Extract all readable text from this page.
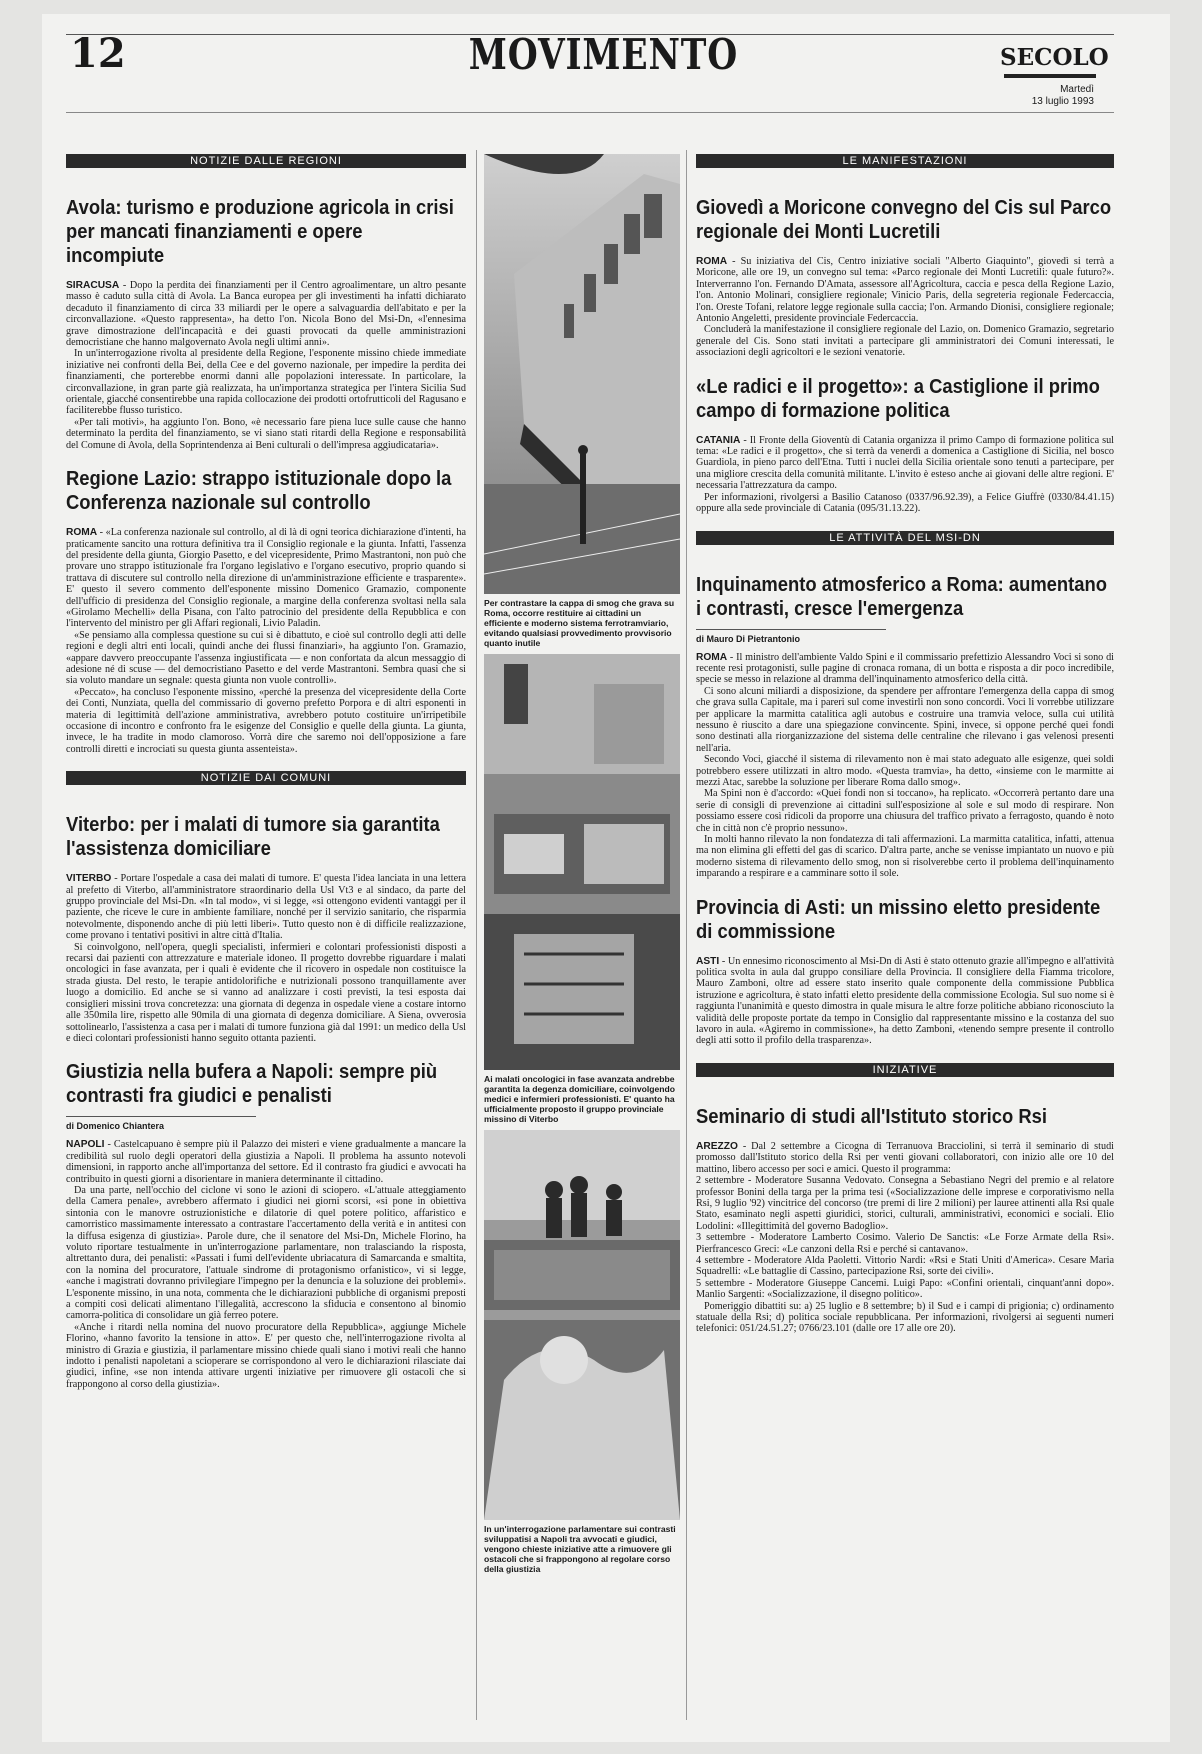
12	MOVIMENTO	SECOLO
Martedì
13 luglio 1993
NOTIZIE DALLE REGIONI
Avola: turismo e produzione agricola in crisi per mancati finanziamenti e opere incompiute

SIRACUSA - Dopo la perdita dei finanziamenti per il Centro agroalimentare, un altro pesante masso è caduto sulla città di Avola. La Banca europea per gli investimenti ha infatti dichiarato decaduto il finanziamento di circa 33 miliardi per le opere a salvaguardia dell'abitato e per la circonvallazione. «Questo rappresenta», ha detto l'on. Nicola Bono del Msi-Dn, «l'ennesima grave dimostrazione dell'incapacità e dei guasti provocati da quelle amministrazioni democristiane che hanno malgovernato Avola negli ultimi anni».

In un'interrogazione rivolta al presidente della Regione, l'esponente missino chiede immediate iniziative nei confronti della Bei, della Cee e del governo nazionale, per impedire la perdita dei finanziamenti, che porterebbe enormi danni alle popolazioni interessate. In particolare, la circonvallazione, in gran parte già realizzata, ha un'importanza strategica per l'intera Sicilia Sud orientale, giacché consentirebbe una rapida collocazione dei prodotti ortofrutticoli del Ragusano e faciliterebbe flusso turistico.

«Per tali motivi», ha aggiunto l'on. Bono, «è necessario fare piena luce sulle cause che hanno determinato la perdita del finanziamento, se vi siano stati ritardi della Regione e responsabilità del Comune di Avola, della Soprintendenza ai Beni culturali o dell'impresa aggiudicataria».

Regione Lazio: strappo istituzionale dopo la Conferenza nazionale sul controllo

ROMA - «La conferenza nazionale sul controllo, al di là di ogni teorica dichiarazione d'intenti, ha praticamente sancito una rottura definitiva tra il Consiglio regionale e la giunta. Infatti, l'assenza del presidente della giunta, Giorgio Pasetto, e del vicepresidente, Primo Mastrantoni, non può che provare uno strappo istituzionale fra l'organo legislativo e l'organo esecutivo, proprio quando si trattava di discutere sul controllo nella direzione di un'amministrazione efficiente e trasparente». E' questo il severo commento dell'esponente missino Domenico Gramazio, componente dell'ufficio di presidenza del Consiglio regionale, a margine della conferenza svoltasi nella sala «Girolamo Mechelli» della Pisana, con l'alto patrocinio del presidente della Repubblica e con l'intervento del ministro per gli Affari regionali, Livio Paladin.

«Se pensiamo alla complessa questione su cui si è dibattuto, e cioè sul controllo degli atti delle regioni e degli altri enti locali, quindi anche dei flussi finanziari», ha aggiunto l'on. Gramazio, «appare davvero preoccupante l'assenza ingiustificata — e non confortata da alcun messaggio di adesione né di scuse — del democristiano Pasetto e del verde Mastrantoni. Sembra quasi che si sia voluto mandare un segnale: questa giunta non vuole controlli».

«Peccato», ha concluso l'esponente missino, «perché la presenza del vicepresidente della Corte dei Conti, Nunziata, quella del commissario di governo prefetto Porpora e di altri esponenti in materia di legittimità dell'azione amministrativa, avrebbero potuto costituire un'irripetibile occasione di incontro e confronto fra le esigenze del Consiglio e quelle della giunta. La giunta, invece, le ha tradite in modo clamoroso. Vorrà dire che saremo noi dell'opposizione a fare controlli diretti e incrociati su questa giunta assenteista».

NOTIZIE DAI COMUNI
Viterbo: per i malati di tumore sia garantita l'assistenza domiciliare

VITERBO - Portare l'ospedale a casa dei malati di tumore. E' questa l'idea lanciata in una lettera al prefetto di Viterbo, all'amministratore straordinario della Usl Vt3 e al sindaco, da parte del gruppo provinciale del Msi-Dn. «In tal modo», vi si legge, «si ottengono evidenti vantaggi per il paziente, che riceve le cure in ambiente familiare, nonché per il servizio sanitario, che risparmia notevolmente, disponendo anche di più letti liberi». Tutto questo non è di difficile realizzazione, come provano i tentativi positivi in altre città d'Italia.

Si coinvolgono, nell'opera, quegli specialisti, infermieri e colontari professionisti disposti a recarsi dai pazienti con attrezzature e materiale idoneo. Il progetto dovrebbe riguardare i malati oncologici in fase avanzata, per i quali è evidente che il ricovero in ospedale non costituisce la strada giusta. Del resto, le terapie antidolorifiche e nutrizionali possono tranquillamente aver luogo a domicilio. Ed anche se si vanno ad analizzare i costi previsti, la tesi esposta dai consiglieri missini trova concretezza: una giornata di degenza in ospedale viene a costare intorno alle 350mila lire, rispetto alle 90mila di una giornata di degenza domiciliare. A Siena, ovverosia sottolinearlo, l'assistenza a casa per i malati di tumore funziona già dal 1991: un medico della Usl e dieci colontari professionisti hanno seguito ottanta pazienti.

Giustizia nella bufera a Napoli: sempre più contrasti fra giudici e penalisti
di Domenico Chiantera

NAPOLI - Castelcapuano è sempre più il Palazzo dei misteri e viene gradualmente a mancare la credibilità sul ruolo degli operatori della giustizia a Napoli. Il problema ha assunto notevoli dimensioni, in rapporto anche all'importanza del settore. Ed il contrasto fra giudici e avvocati ha contribuito in questi giorni a disorientare in maniera determinante il cittadino.

Da una parte, nell'occhio del ciclone vi sono le azioni di sciopero. «L'attuale atteggiamento della Camera penale», avrebbero affermato i giudici nei giorni scorsi, «si pone in obiettiva sintonia con le manovre ostruzionistiche e dilatorie di quel potere politico, affaristico e camorristico massimamente interessato a contrastare l'accertamento della verità e in antitesi con la diffusa esigenza di giustizia». Parole dure, che il senatore del Msi-Dn, Michele Florino, ha voluto riportare testualmente in un'interrogazione parlamentare, non tralasciando la risposta, altrettanto dura, dei penalisti: «Passati i fumi dell'evidente ubriacatura di Samarcanda e smaltita, con la nomina del procuratore, l'attuale sindrome di protagonismo orfanistico», vi si legge, «anche i magistrati dovranno privilegiare l'impegno per la denuncia e la soluzione dei problemi». L'esponente missino, in una nota, commenta che le dichiarazioni pubbliche di organismi preposti a compiti così delicati alimentano l'illegalità, accrescono la sfiducia e consentono al binomio camorra-politica di consolidare un già ferreo potere.

«Anche i ritardi nella nomina del nuovo procuratore della Repubblica», aggiunge Michele Florino, «hanno favorito la tensione in atto». E' per questo che, nell'interrogazione rivolta al ministro di Grazia e giustizia, il parlamentare missino chiede quali siano i motivi reali che hanno indotto i penalisti napoletani a scioperare se corrispondono al vero le dichiarazioni rilasciate dai giudici, infine, «se non intenda attivare urgenti iniziative per rimuovere gli ostacoli che si frappongono al corso della giustizia».

Per contrastare la cappa di smog che grava su Roma, occorre restituire ai cittadini un efficiente e moderno sistema ferrotramviario, evitando qualsiasi provvedimento provvisorio quanto inutile
Ai malati oncologici in fase avanzata andrebbe garantita la degenza domiciliare, coinvolgendo medici e infermieri professionisti. E' quanto ha ufficialmente proposto il gruppo provinciale missino di Viterbo
In un'interrogazione parlamentare sui contrasti sviluppatisi a Napoli tra avvocati e giudici, vengono chieste iniziative atte a rimuovere gli ostacoli che si frappongono al regolare corso della giustizia
LE MANIFESTAZIONI
Giovedì a Moricone convegno del Cis sul Parco regionale dei Monti Lucretili

ROMA - Su iniziativa del Cis, Centro iniziative sociali "Alberto Giaquinto", giovedì si terrà a Moricone, alle ore 19, un convegno sul tema: «Parco regionale dei Monti Lucretili: quale futuro?». Interverranno l'on. Fernando D'Amata, assessore all'Agricoltura, caccia e pesca della Regione Lazio, l'on. Antonio Molinari, consigliere regionale; Vinicio Paris, della segreteria regionale Federcaccia, l'on. Oreste Tofani, relatore legge regionale sulla caccia; l'on. Armando Dionisi, consigliere regionale; Antonio Angeletti, presidente provinciale Federcaccia.

Concluderà la manifestazione il consigliere regionale del Lazio, on. Domenico Gramazio, segretario generale del Cis. Sono stati invitati a partecipare gli amministratori dei Comuni interessati, le associazioni degli agricoltori e le sezioni venatorie.

«Le radici e il progetto»: a Castiglione il primo campo di formazione politica

CATANIA - Il Fronte della Gioventù di Catania organizza il primo Campo di formazione politica sul tema: «Le radici e il progetto», che si terrà da venerdì a domenica a Castiglione di Sicilia, nel bosco Guardiola, in pieno parco dell'Etna. Tutti i nuclei della Sicilia orientale sono tenuti a partecipare, per una migliore crescita della comunità militante. L'invito è esteso anche ai giovani delle altre regioni. E' necessaria l'attrezzatura da campo.

Per informazioni, rivolgersi a Basilio Catanoso (0337/96.92.39), a Felice Giuffrè (0330/84.41.15) oppure alla sede provinciale di Catania (095/31.13.22).

LE ATTIVITÀ DEL MSI-DN
Inquinamento atmosferico a Roma: aumentano i contrasti, cresce l'emergenza
di Mauro Di Pietrantonio

ROMA - Il ministro dell'ambiente Valdo Spini e il commissario prefettizio Alessandro Voci si sono di recente resi protagonisti, sulle pagine di cronaca romana, di un botta e risposta a dir poco incredibile, specie se messo in relazione al dramma dell'inquinamento atmosferico della città.

Ci sono alcuni miliardi a disposizione, da spendere per affrontare l'emergenza della cappa di smog che grava sulla Capitale, ma i pareri sul come investirli non sono concordi. Voci li vorrebbe utilizzare per applicare la marmitta catalitica agli autobus e costruire una tramvia veloce, sulla cui utilità nessuno è riuscito a dare una spiegazione convincente. Spini, invece, si oppone perché quei fondi sono destinati alla riorganizzazione del sistema delle centraline che rilevano i gas velenosi presenti nell'aria.

Secondo Voci, giacché il sistema di rilevamento non è mai stato adeguato alle esigenze, quei soldi potrebbero essere utilizzati in altro modo. «Questa tramvia», ha detto, «insieme con le marmitte ai mezzi Atac, sarebbe la soluzione per liberare Roma dallo smog».

Ma Spini non è d'accordo: «Quei fondi non si toccano», ha replicato. «Occorrerà pertanto dare una serie di consigli di prevenzione ai cittadini sull'esposizione al sole e sul modo di respirare. Non possiamo essere così ridicoli da proporre una chiusura del traffico privato a ferragosto, quando è noto che in città non c'è proprio nessuno».

In molti hanno rilevato la non fondatezza di tali affermazioni. La marmitta catalitica, infatti, attenua ma non elimina gli effetti del gas di scarico. D'altra parte, anche se venisse impiantato un nuovo e più moderno sistema di rilevamento dello smog, non si risolverebbe certo il problema dell'inquinamento imparando a respirare e a camminare sotto il sole.

Provincia di Asti: un missino eletto presidente di commissione

ASTI - Un ennesimo riconoscimento al Msi-Dn di Asti è stato ottenuto grazie all'impegno e all'attività politica svolta in aula dal gruppo consiliare della Provincia. Il consigliere della Fiamma tricolore, Mauro Zamboni, oltre ad essere stato inserito quale componente della commissione Pubblica istruzione e agricoltura, è stato infatti eletto presidente della commissione Ecologia. Sul suo nome si è raggiunta l'unanimità e questo dimostra in quale misura le altre forze politiche abbiano riconosciuto la validità delle proposte portate da tempo in Consiglio dal rappresentante missino e la costanza del suo lavoro in aula. «Agiremo in commissione», ha detto Zamboni, «tenendo sempre presente il controllo degli atti sotto il profilo della trasparenza».

INIZIATIVE
Seminario di studi all'Istituto storico Rsi

AREZZO - Dal 2 settembre a Cicogna di Terranuova Bracciolini, si terrà il seminario di studi promosso dall'Istituto storico della Rsi per venti giovani collaboratori, con inizio alle ore 10 del mattino, libero accesso per soci e amici. Questo il programma:

2 settembre - Moderatore Susanna Vedovato. Consegna a Sebastiano Negri del premio e al relatore professor Bonini della targa per la prima tesi («Socializzazione delle imprese e corporativismo nella Rsi, 9 luglio '92) vincitrice del concorso (tre premi di lire 2 milioni) per lauree attinenti alla Rsi quale Stato, esaminato negli aspetti giuridici, storici, culturali, amministrativi, economici e sociali. Elio Lodolini: «Illegittimità del governo Badoglio».

3 settembre - Moderatore Lamberto Cosimo. Valerio De Sanctis: «Le Forze Armate della Rsi». Pierfrancesco Greci: «Le canzoni della Rsi e perché si cantavano».

4 settembre - Moderatore Alda Paoletti. Vittorio Nardi: «Rsi e Stati Uniti d'America». Cesare Maria Squadrelli: «Le battaglie di Cassino, partecipazione Rsi, sorte dei civili».

5 settembre - Moderatore Giuseppe Cancemi. Luigi Papo: «Confini orientali, cinquant'anni dopo». Manlio Sargenti: «Socializzazione, il disegno politico».

Pomeriggio dibattiti su: a) 25 luglio e 8 settembre; b) il Sud e i campi di prigionia; c) ordinamento statuale della Rsi; d) politica sociale repubblicana. Per informazioni, rivolgersi ai seguenti numeri telefonici: 051/24.51.27; 0766/23.101 (dalle ore 17 alle ore 20).
